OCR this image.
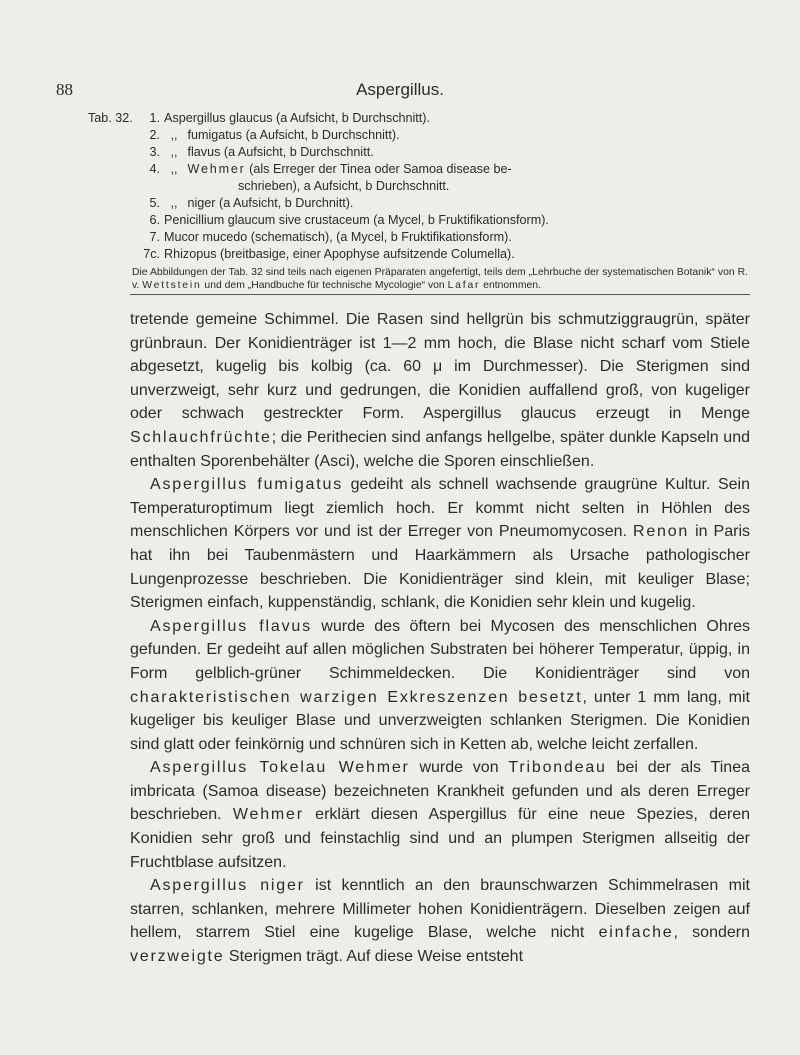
88	Aspergillus.
Tab. 32.	1. Aspergillus glaucus (a Aufsicht, b Durchschnitt).
2. ,, fumigatus (a Aufsicht, b Durchschnitt).
3. ,, flavus (a Aufsicht, b Durchschnitt.
4. ,, Wehmer (als Erreger der Tinea oder Samoa disease be-
schrieben), a Aufsicht, b Durchschnitt.
5. ,, niger (a Aufsicht, b Durchnitt).
6. Penicillium glaucum sive crustaceum (a Mycel, b Fruktifikationsform).
7. Mucor mucedo (schematisch), (a Mycel, b Fruktifikationsform).
7c. Rhizopus (breitbasige, einer Apophyse aufsitzende Columella).
Die Abbildungen der Tab. 32 sind teils nach eigenen Präparaten angefertigt, teils dem „Lehrbuche der systematischen Botanik“ von R. v. Wettstein und dem „Handbuche für technische Mycologie“ von Lafar entnommen.

tretende gemeine Schimmel. Die Rasen sind hellgrün bis schmutziggraugrün, später grünbraun. Der Konidienträger ist 1—2 mm hoch, die Blase nicht scharf vom Stiele abgesetzt, kugelig bis kolbig (ca. 60 μ im Durchmesser). Die Sterigmen sind unverzweigt, sehr kurz und gedrungen, die Konidien auffallend groß, von kugeliger oder schwach gestreckter Form. Aspergillus glaucus erzeugt in Menge Schlauchfrüchte; die Perithecien sind anfangs hellgelbe, später dunkle Kapseln und enthalten Sporenbehälter (Asci), welche die Sporen einschließen.

Aspergillus fumigatus gedeiht als schnell wachsende graugrüne Kultur. Sein Temperaturoptimum liegt ziemlich hoch. Er kommt nicht selten in Höhlen des menschlichen Körpers vor und ist der Erreger von Pneumomycosen. Renon in Paris hat ihn bei Taubenmästern und Haarkämmern als Ursache pathologischer Lungenprozesse beschrieben. Die Konidienträger sind klein, mit keuliger Blase; Sterigmen einfach, kuppenständig, schlank, die Konidien sehr klein und kugelig.

Aspergillus flavus wurde des öftern bei Mycosen des menschlichen Ohres gefunden. Er gedeiht auf allen möglichen Substraten bei höherer Temperatur, üppig, in Form gelblich-grüner Schimmeldecken. Die Konidienträger sind von charakteristischen warzigen Exkreszenzen besetzt, unter 1 mm lang, mit kugeliger bis keuliger Blase und unverzweigten schlanken Sterigmen. Die Konidien sind glatt oder feinkörnig und schnüren sich in Ketten ab, welche leicht zerfallen.

Aspergillus Tokelau Wehmer wurde von Tribondeau bei der als Tinea imbricata (Samoa disease) bezeichneten Krankheit gefunden und als deren Erreger beschrieben. Wehmer erklärt diesen Aspergillus für eine neue Spezies, deren Konidien sehr groß und feinstachlig sind und an plumpen Sterigmen allseitig der Fruchtblase aufsitzen.

Aspergillus niger ist kenntlich an den braunschwarzen Schimmelrasen mit starren, schlanken, mehrere Millimeter hohen Konidienträgern. Dieselben zeigen auf hellem, starrem Stiel eine kugelige Blase, welche nicht einfache, sondern verzweigte Sterigmen trägt. Auf diese Weise entsteht
